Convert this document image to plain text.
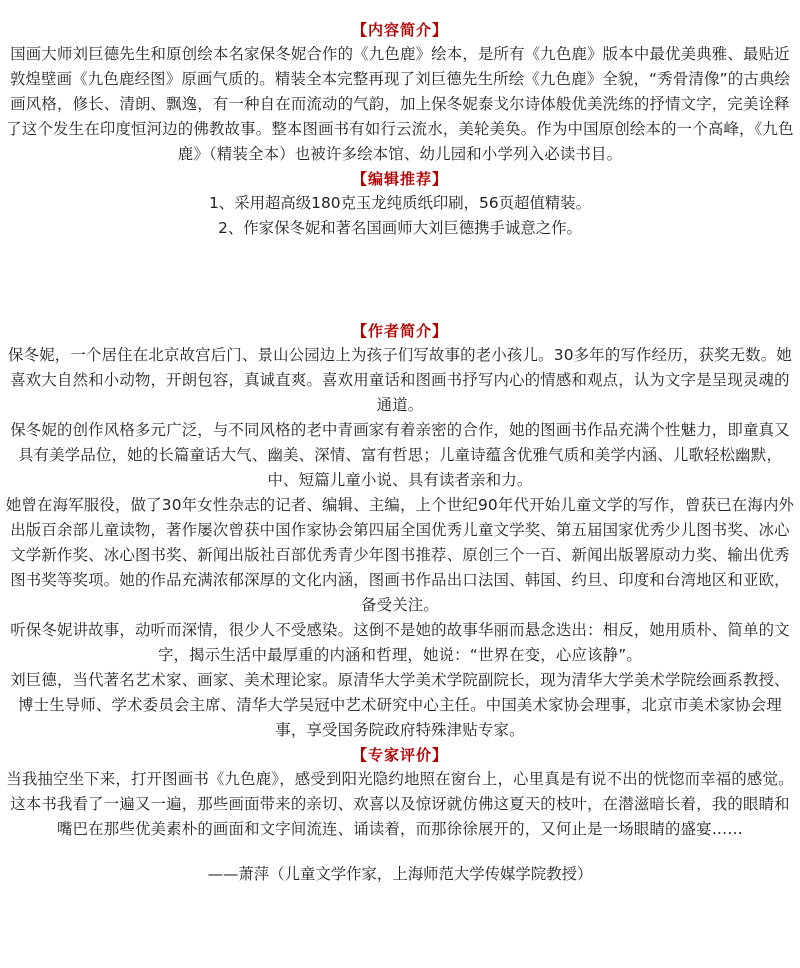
【内容简介】

国画大师刘巨德先生和原创绘本名家保冬妮合作的《九色鹿》绘本，是所有《九色鹿》版本中最优美典雅、最贴近敦煌壁画《九色鹿经图》原画气质的。精装全本完整再现了刘巨德先生所绘《九色鹿》全貌，“秀骨清像”的古典绘画风格，修长、清朗、飘逸，有一种自在而流动的气韵，加上保冬妮泰戈尔诗体般优美洗练的抒情文字，完美诠释了这个发生在印度恒河边的佛教故事。整本图画书有如行云流水，美轮美奂。作为中国原创绘本的一个高峰，《九色鹿》（精装全本）也被许多绘本馆、幼儿园和小学列入必读书目。

【编辑推荐】

1、采用超高级180克玉龙纯质纸印刷，56页超值精装。

2、作家保冬妮和著名国画师大刘巨德携手诚意之作。

【作者简介】

保冬妮，一个居住在北京故宫后门、景山公园边上为孩子们写故事的老小孩儿。30多年的写作经历，获奖无数。她喜欢大自然和小动物，开朗包容，真诚直爽。喜欢用童话和图画书抒写内心的情感和观点，认为文字是呈现灵魂的通道。

保冬妮的创作风格多元广泛，与不同风格的老中青画家有着亲密的合作，她的图画书作品充满个性魅力，即童真又具有美学品位，她的长篇童话大气、幽美、深情、富有哲思；儿童诗蕴含优雅气质和美学内涵、儿歌轻松幽默，中、短篇儿童小说、具有读者亲和力。

她曾在海军服役，做了30年女性杂志的记者、编辑、主编，上个世纪90年代开始儿童文学的写作，曾获已在海内外出版百余部儿童读物，著作屡次曾获中国作家协会第四届全国优秀儿童文学奖、第五届国家优秀少儿图书奖、冰心文学新作奖、冰心图书奖、新闻出版社百部优秀青少年图书推荐、原创三个一百、新闻出版署原动力奖、输出优秀图书奖等奖项。她的作品充满浓郁深厚的文化内涵，图画书作品出口法国、韩国、约旦、印度和台湾地区和亚欧，备受关注。

听保冬妮讲故事，动听而深情，很少人不受感染。这倒不是她的故事华丽而悬念迭出：相反，她用质朴、简单的文字，揭示生活中最厚重的内涵和哲理，她说：“世界在变，心应该静”。

刘巨德，当代著名艺术家、画家、美术理论家。原清华大学美术学院副院长，现为清华大学美术学院绘画系教授、博士生导师、学术委员会主席、清华大学吴冠中艺术研究中心主任。中国美术家协会理事，北京市美术家协会理事，享受国务院政府特殊津贴专家。

【专家评价】

当我抽空坐下来，打开图画书《九色鹿》，感受到阳光隐约地照在窗台上，心里真是有说不出的恍惚而幸福的感觉。这本书我看了一遍又一遍，那些画面带来的亲切、欢喜以及惊讶就仿佛这夏天的枝叶，在潜滋暗长着，我的眼睛和嘴巴在那些优美素朴的画面和文字间流连、诵读着，而那徐徐展开的，又何止是一场眼睛的盛宴……

——萧萍（儿童文学作家，上海师范大学传媒学院教授）
